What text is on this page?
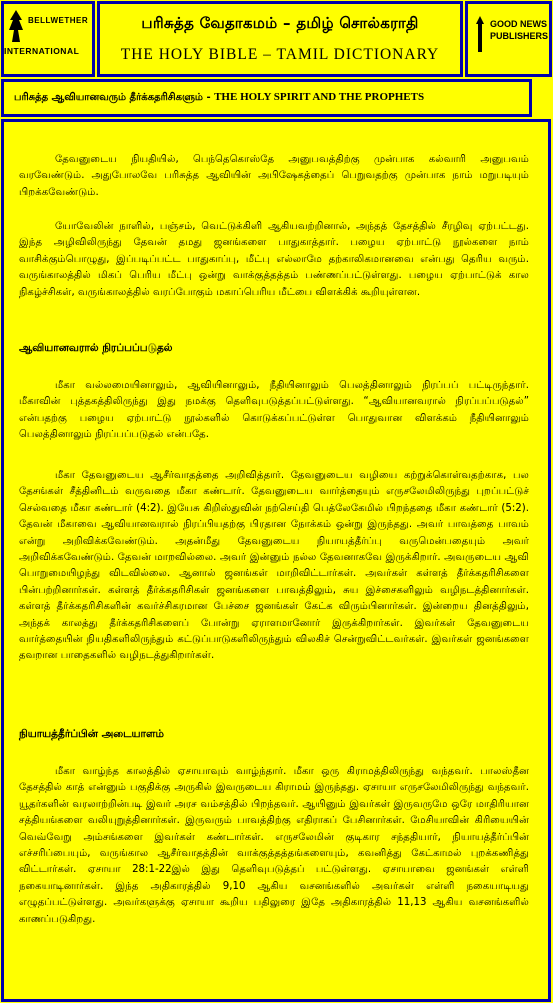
BELLWETHER
INTERNATIONAL
பரிசுத்த வேதாகமம் – தமிழ் சொல்கராதி
THE HOLY BIBLE – TAMIL DICTIONARY
GOOD NEWS PUBLISHERS
பரிசுத்த ஆவியானவரும் தீர்க்கதரிசிகளும் - THE HOLY SPIRIT AND THE PROPHETS

தேவனுடைய நியதியில், பெந்தெகொஸ்தே அனுபவத்திற்கு முன்பாக கல்வாரி அனுபவம் வரவேண்டும். அதுபோலவே பரிசுத்த ஆவியின் அபிஷேகத்தைப் பெறுவதற்கு முன்பாக நாம் மறுபடியும் பிறக்கவேண்டும்.

யோவேலின் நாளில், பஞ்சம், வெட்டுக்கிளி ஆகியவற்றினால், அந்தத் தேசத்தில் சீரழிவு ஏற்பட்டது. இந்த அழிவிலிருந்து தேவன் தமது ஜனங்களை பாதுகாத்தார். பழைய ஏற்பாட்டு நூல்களை நாம் வாசிக்கும்பொழுது, இப்படிப்பட்ட பாதுகாப்பு, மீட்பு எல்லாமே தற்காலிகமானவை என்பது தெரிய வரும். வருங்காலத்தில் மிகப் பெரிய மீட்பு ஒன்று வாக்குத்தத்தம் பண்ணப்பட்டுள்ளது. பழைய ஏற்பாட்டுக் கால நிகழ்ச்சிகள், வருங்காலத்தில் வரப்போகும் மகாப்பெரிய மீட்பை விளக்கிக் கூறியுள்ளன.

ஆவியானவரால் நிரப்பப்படுதல்

மீகா வல்லமையினாலும், ஆவியினாலும், நீதியினாலும் பெலத்தினாலும் நிரப்பப் பட்டிருந்தார். மீகாவின் புத்தகத்திலிருந்து இது நமக்கு தெளிவுபடுத்தப்பட்டுள்ளது. “ஆவியானவரால் நிரப்பப்படுதல்” என்பதற்கு பழைய ஏற்பாட்டு நூல்களில் கொடுக்கப்பட்டுள்ள பொதுவான விளக்கம் நீதியினாலும் பெலத்தினாலும் நிரப்பப்படுதல் என்பதே.

மீகா தேவனுடைய ஆசீர்வாதத்தை அறிவித்தார். தேவனுடைய வழியை கற்றுக்கொள்வதற்காக, பல தேசங்கள் சீத்தினிடம் வருவதை மீகா கண்டார். தேவனுடைய வார்த்தையும் எருசலேமிலிருந்து புறப்பட்டுச் செல்வதை மீகா கண்டார் (4:2). இயேசு கிறிஸ்துவின் நற்செய்தி பெத்லேகேமில் பிறந்ததை மீகா கண்டார் (5:2). தேவன் மீகாவை ஆவியானவரால் நிரப்பியதற்கு பிரதான நோக்கம் ஒன்று இருந்தது. அவர் பாவத்தை பாவம் என்று அறிவிக்கவேண்டும். அதன்மீது தேவனுடைய நியாயத்தீர்ப்பு வருமென்பதையும் அவர் அறிவிக்கவேண்டும். தேவன் மாறவில்லை. அவர் இன்னும் நல்ல தேவனாகவே இருக்கிறார். அவருடைய ஆவி பொறுமையிழந்து விடவில்லை. ஆனால் ஜனங்கள் மாறிவிட்டார்கள். அவர்கள் கள்ளத் தீர்க்கதரிசிகளை பின்பற்றினார்கள். கள்ளத் தீர்க்கதரிசிகள் ஜனங்களை பாவத்திலும், சுய இச்சைகளிலும் வழிநடத்தினார்கள். கள்ளத் தீர்க்கதரிசிகளின் கவர்ச்சிகரமான பேச்சை ஜனங்கள் கேட்க விரும்பினார்கள். இன்றைய தினத்திலும், அந்தக் காலத்து தீர்க்கதரிசிகளைப் போன்று ஏராளமானோர் இருக்கிறார்கள். இவர்கள் தேவனுடைய வார்த்தையின் நியதிகளிலிருந்தும் கட்டுப்பாடுகளிலிருந்தும் விலகிச் சென்றுவிட்டவர்கள். இவர்கள் ஜனங்களை தவறான பாதைகளில் வழிநடத்துகிறார்கள்.

நியாயத்தீர்ப்பின் அடையாளம்

மீகா வாழ்ந்த காலத்தில் ஏசாயாவும் வாழ்ந்தார். மீகா ஒரு கிராமத்திலிருந்து வந்தவர். பாலஸ்தீன தேசத்தில் காத் என்னும் பகுதிக்கு அருகில் இவருடைய கிராமம் இருந்தது. ஏசாயா எருசலேமிலிருந்து வந்தவர். யூதர்களின் வரலாற்றின்படி இவர் அரச வம்சத்தில் பிறந்தவர். ஆயினும் இவர்கள் இருவருமே ஒரே மாதிரியான சத்தியங்களை வலியுறுத்தினார்கள். இருவரும் பாவத்திற்கு எதிராகப் பேசினார்கள். மேசியாவின் கிரியையின் வெவ்வேறு அம்சங்களை இவர்கள் கண்டார்கள். எருசலேமின் குடிகார சந்ததியார், நியாயத்தீர்ப்பின் எச்சரிப்பையும், வருங்கால ஆசீர்வாதத்தின் வாக்குத்தத்தங்களையும், கவனித்து கேட்காமல் புறக்கணித்து விட்டார்கள். ஏசாயா 28:1-22இல் இது தெளிவுபடுத்தப் பட்டுள்ளது. ஏசாயாவை ஜனங்கள் எள்ளி நகையாடினார்கள். இந்த அதிகாரத்தில் 9,10 ஆகிய வசனங்களில் அவர்கள் எள்ளி நகையாடியது எழுதப்பட்டுள்ளது. அவர்களுக்கு ஏசாயா கூறிய பதிலுரை இதே அதிகாரத்தில் 11,13 ஆகிய வசனங்களில் காணப்படுகிறது.
